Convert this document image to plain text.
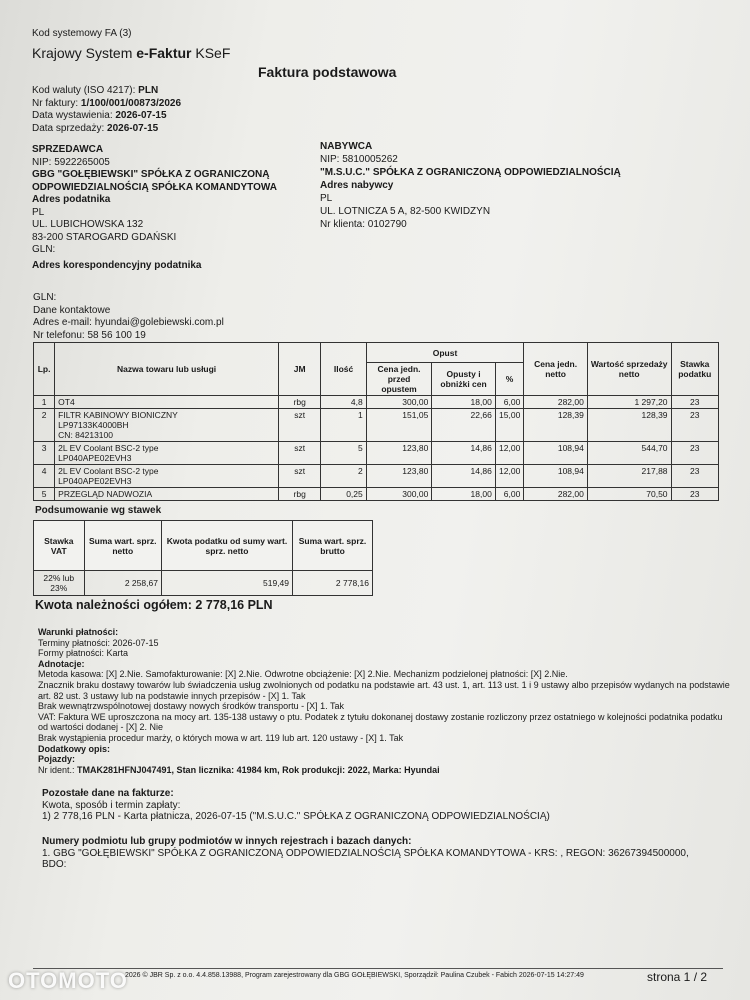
Kod systemowy FA (3)
Krajowy System e-Faktur KSeF
Faktura podstawowa
Kod waluty (ISO 4217): PLN
Nr faktury: 1/100/001/00873/2026
Data wystawienia: 2026-07-15
Data sprzedaży: 2026-07-15
SPRZEDAWCA
NIP: 5922265005
GBG "GOŁĘBIEWSKI" SPÓŁKA Z OGRANICZONĄ
ODPOWIEDZIALNOŚCIĄ SPÓŁKA KOMANDYTOWA
Adres podatnika
PL
UL. LUBICHOWSKA 132
83-200 STAROGARD GDAŃSKI
GLN:
Adres korespondencyjny podatnika
NABYWCA
NIP: 5810005262
"M.S.U.C." SPÓŁKA Z OGRANICZONĄ ODPOWIEDZIALNOŚCIĄ
Adres nabywcy
PL
UL. LOTNICZA 5 A, 82-500 KWIDZYN
Nr klienta: 0102790
GLN:
Dane kontaktowe
Adres e-mail: hyundai@golebiewski.com.pl
Nr telefonu: 58 56 100 19
Lp.	Nazwa towaru lub usługi	JM	Ilość	Opust			Cena jedn. netto	Wartość sprzedaży netto	Stawka podatku
				Cena jedn. przed opustem	Opusty i obniżki cen	%			
1	OT4	rbg	4,8	300,00	18,00	6,00	282,00	1 297,20	23
2	FILTR KABINOWY BIONICZNY
LP97133K4000BH
CN: 84213100	szt	1	151,05	22,66	15,00	128,39	128,39	23
3	2L EV Coolant BSC-2 type
LP040APE02EVH3	szt	5	123,80	14,86	12,00	108,94	544,70	23
4	2L EV Coolant BSC-2 type
LP040APE02EVH3	szt	2	123,80	14,86	12,00	108,94	217,88	23
5	PRZEGLĄD NADWOZIA	rbg	0,25	300,00	18,00	6,00	282,00	70,50	23
Podsumowanie wg stawek
Stawka VAT	Suma wart. sprz. netto	Kwota podatku od sumy wart. sprz. netto	Suma wart. sprz. brutto
22% lub 23%	2 258,67	519,49	2 778,16
Kwota należności ogółem: 2 778,16 PLN
Warunki płatności:
Terminy płatności: 2026-07-15
Formy płatności: Karta
Adnotacje:
Metoda kasowa: [X] 2.Nie. Samofakturowanie: [X] 2.Nie. Odwrotne obciążenie: [X] 2.Nie. Mechanizm podzielonej płatności: [X] 2.Nie.
Znacznik braku dostawy towarów lub świadczenia usług zwolnionych od podatku na podstawie art. 43 ust. 1, art. 113 ust. 1 i 9 ustawy albo przepisów wydanych na podstawie
art. 82 ust. 3 ustawy lub na podstawie innych przepisów - [X] 1. Tak
Brak wewnątrzwspólnotowej dostawy nowych środków transportu - [X] 1. Tak
VAT: Faktura WE uproszczona na mocy art. 135-138 ustawy o ptu. Podatek z tytułu dokonanej dostawy zostanie rozliczony przez ostatniego w kolejności podatnika podatku
od wartości dodanej - [X] 2. Nie
Brak wystąpienia procedur marży, o których mowa w art. 119 lub art. 120 ustawy - [X] 1. Tak
Dodatkowy opis:
Pojazdy:
Nr ident.: TMAK281HFNJ047491, Stan licznika: 41984 km, Rok produkcji: 2022, Marka: Hyundai
Pozostałe dane na fakturze:
Kwota, sposób i termin zapłaty:
1) 2 778,16 PLN - Karta płatnicza, 2026-07-15 ("M.S.U.C." SPÓŁKA Z OGRANICZONĄ ODPOWIEDZIALNOŚCIĄ)
Numery podmiotu lub grupy podmiotów w innych rejestrach i bazach danych:
1. GBG "GOŁĘBIEWSKI" SPÓŁKA Z OGRANICZONĄ ODPOWIEDZIALNOŚCIĄ SPÓŁKA KOMANDYTOWA - KRS: , REGON: 36267394500000,
BDO:
2026 © JBR Sp. z o.o. 4.4.858.13988, Program zarejestrowany dla GBG GOŁĘBIEWSKI, Sporządził: Paulina Czubek - Fabich 2026-07-15 14:27:49	strona 1 / 2
OTOMOTO
